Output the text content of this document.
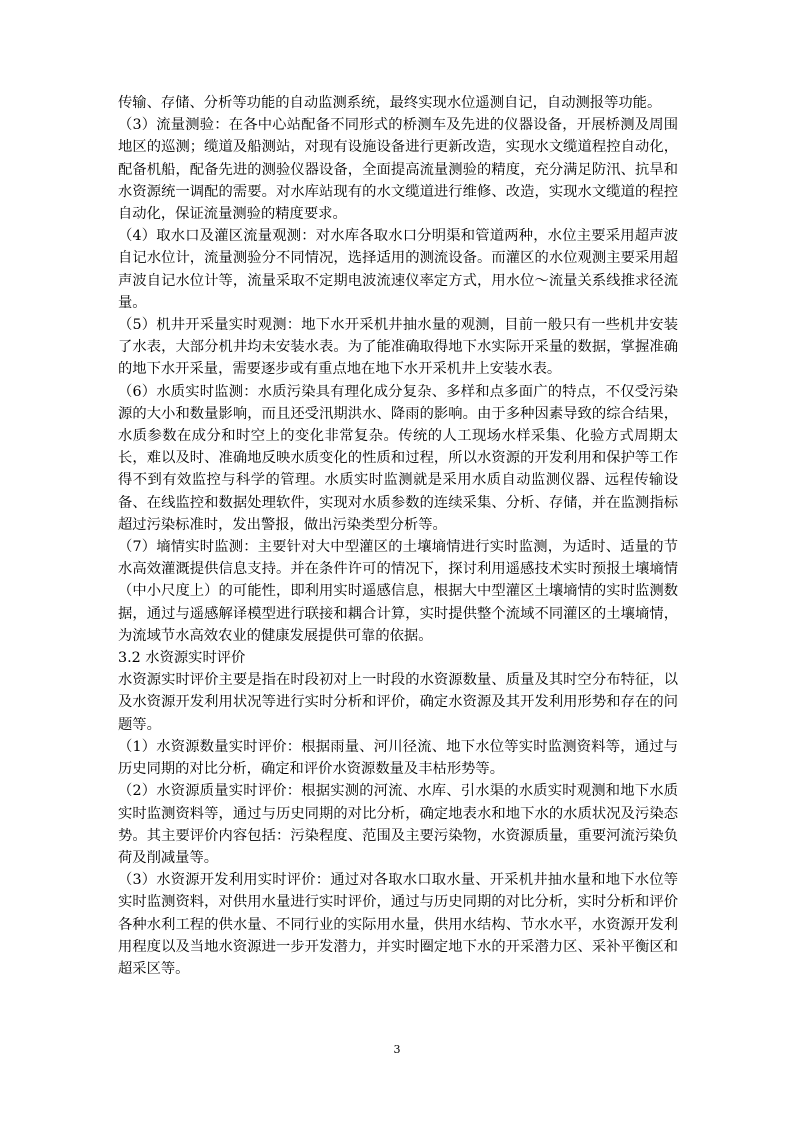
传输、存储、分析等功能的自动监测系统，最终实现水位遥测自记，自动测报等功能。

（3）流量测验：在各中心站配备不同形式的桥测车及先进的仪器设备，开展桥测及周围地区的巡测；缆道及船测站，对现有设施设备进行更新改造，实现水文缆道程控自动化，配备机船，配备先进的测验仪器设备，全面提高流量测验的精度，充分满足防汛、抗旱和水资源统一调配的需要。对水库站现有的水文缆道进行维修、改造，实现水文缆道的程控自动化，保证流量测验的精度要求。

（4）取水口及灌区流量观测：对水库各取水口分明渠和管道两种，水位主要采用超声波自记水位计，流量测验分不同情况，选择适用的测流设备。而灌区的水位观测主要采用超声波自记水位计等，流量采取不定期电波流速仪率定方式，用水位～流量关系线推求径流量。

（5）机井开采量实时观测：地下水开采机井抽水量的观测，目前一般只有一些机井安装了水表，大部分机井均未安装水表。为了能准确取得地下水实际开采量的数据，掌握准确的地下水开采量，需要逐步或有重点地在地下水开采机井上安装水表。

（6）水质实时监测：水质污染具有理化成分复杂、多样和点多面广的特点，不仅受污染源的大小和数量影响，而且还受汛期洪水、降雨的影响。由于多种因素导致的综合结果，水质参数在成分和时空上的变化非常复杂。传统的人工现场水样采集、化验方式周期太长，难以及时、准确地反映水质变化的性质和过程，所以水资源的开发利用和保护等工作得不到有效监控与科学的管理。水质实时监测就是采用水质自动监测仪器、远程传输设备、在线监控和数据处理软件，实现对水质参数的连续采集、分析、存储，并在监测指标超过污染标准时，发出警报，做出污染类型分析等。

（7）墒情实时监测：主要针对大中型灌区的土壤墒情进行实时监测，为适时、适量的节水高效灌溉提供信息支持。并在条件许可的情况下，探讨利用遥感技术实时预报土壤墒情（中小尺度上）的可能性，即利用实时遥感信息，根据大中型灌区土壤墒情的实时监测数据，通过与遥感解译模型进行联接和耦合计算，实时提供整个流域不同灌区的土壤墒情，为流域节水高效农业的健康发展提供可靠的依据。

3.2 水资源实时评价

水资源实时评价主要是指在时段初对上一时段的水资源数量、质量及其时空分布特征，以及水资源开发利用状况等进行实时分析和评价，确定水资源及其开发利用形势和存在的问题等。

（1）水资源数量实时评价：根据雨量、河川径流、地下水位等实时监测资料等，通过与历史同期的对比分析，确定和评价水资源数量及丰枯形势等。

（2）水资源质量实时评价：根据实测的河流、水库、引水渠的水质实时观测和地下水质实时监测资料等，通过与历史同期的对比分析，确定地表水和地下水的水质状况及污染态势。其主要评价内容包括：污染程度、范围及主要污染物，水资源质量，重要河流污染负荷及削减量等。

（3）水资源开发利用实时评价：通过对各取水口取水量、开采机井抽水量和地下水位等实时监测资料，对供用水量进行实时评价，通过与历史同期的对比分析，实时分析和评价各种水利工程的供水量、不同行业的实际用水量，供用水结构、节水水平，水资源开发利用程度以及当地水资源进一步开发潜力，并实时圈定地下水的开采潜力区、采补平衡区和超采区等。

3
